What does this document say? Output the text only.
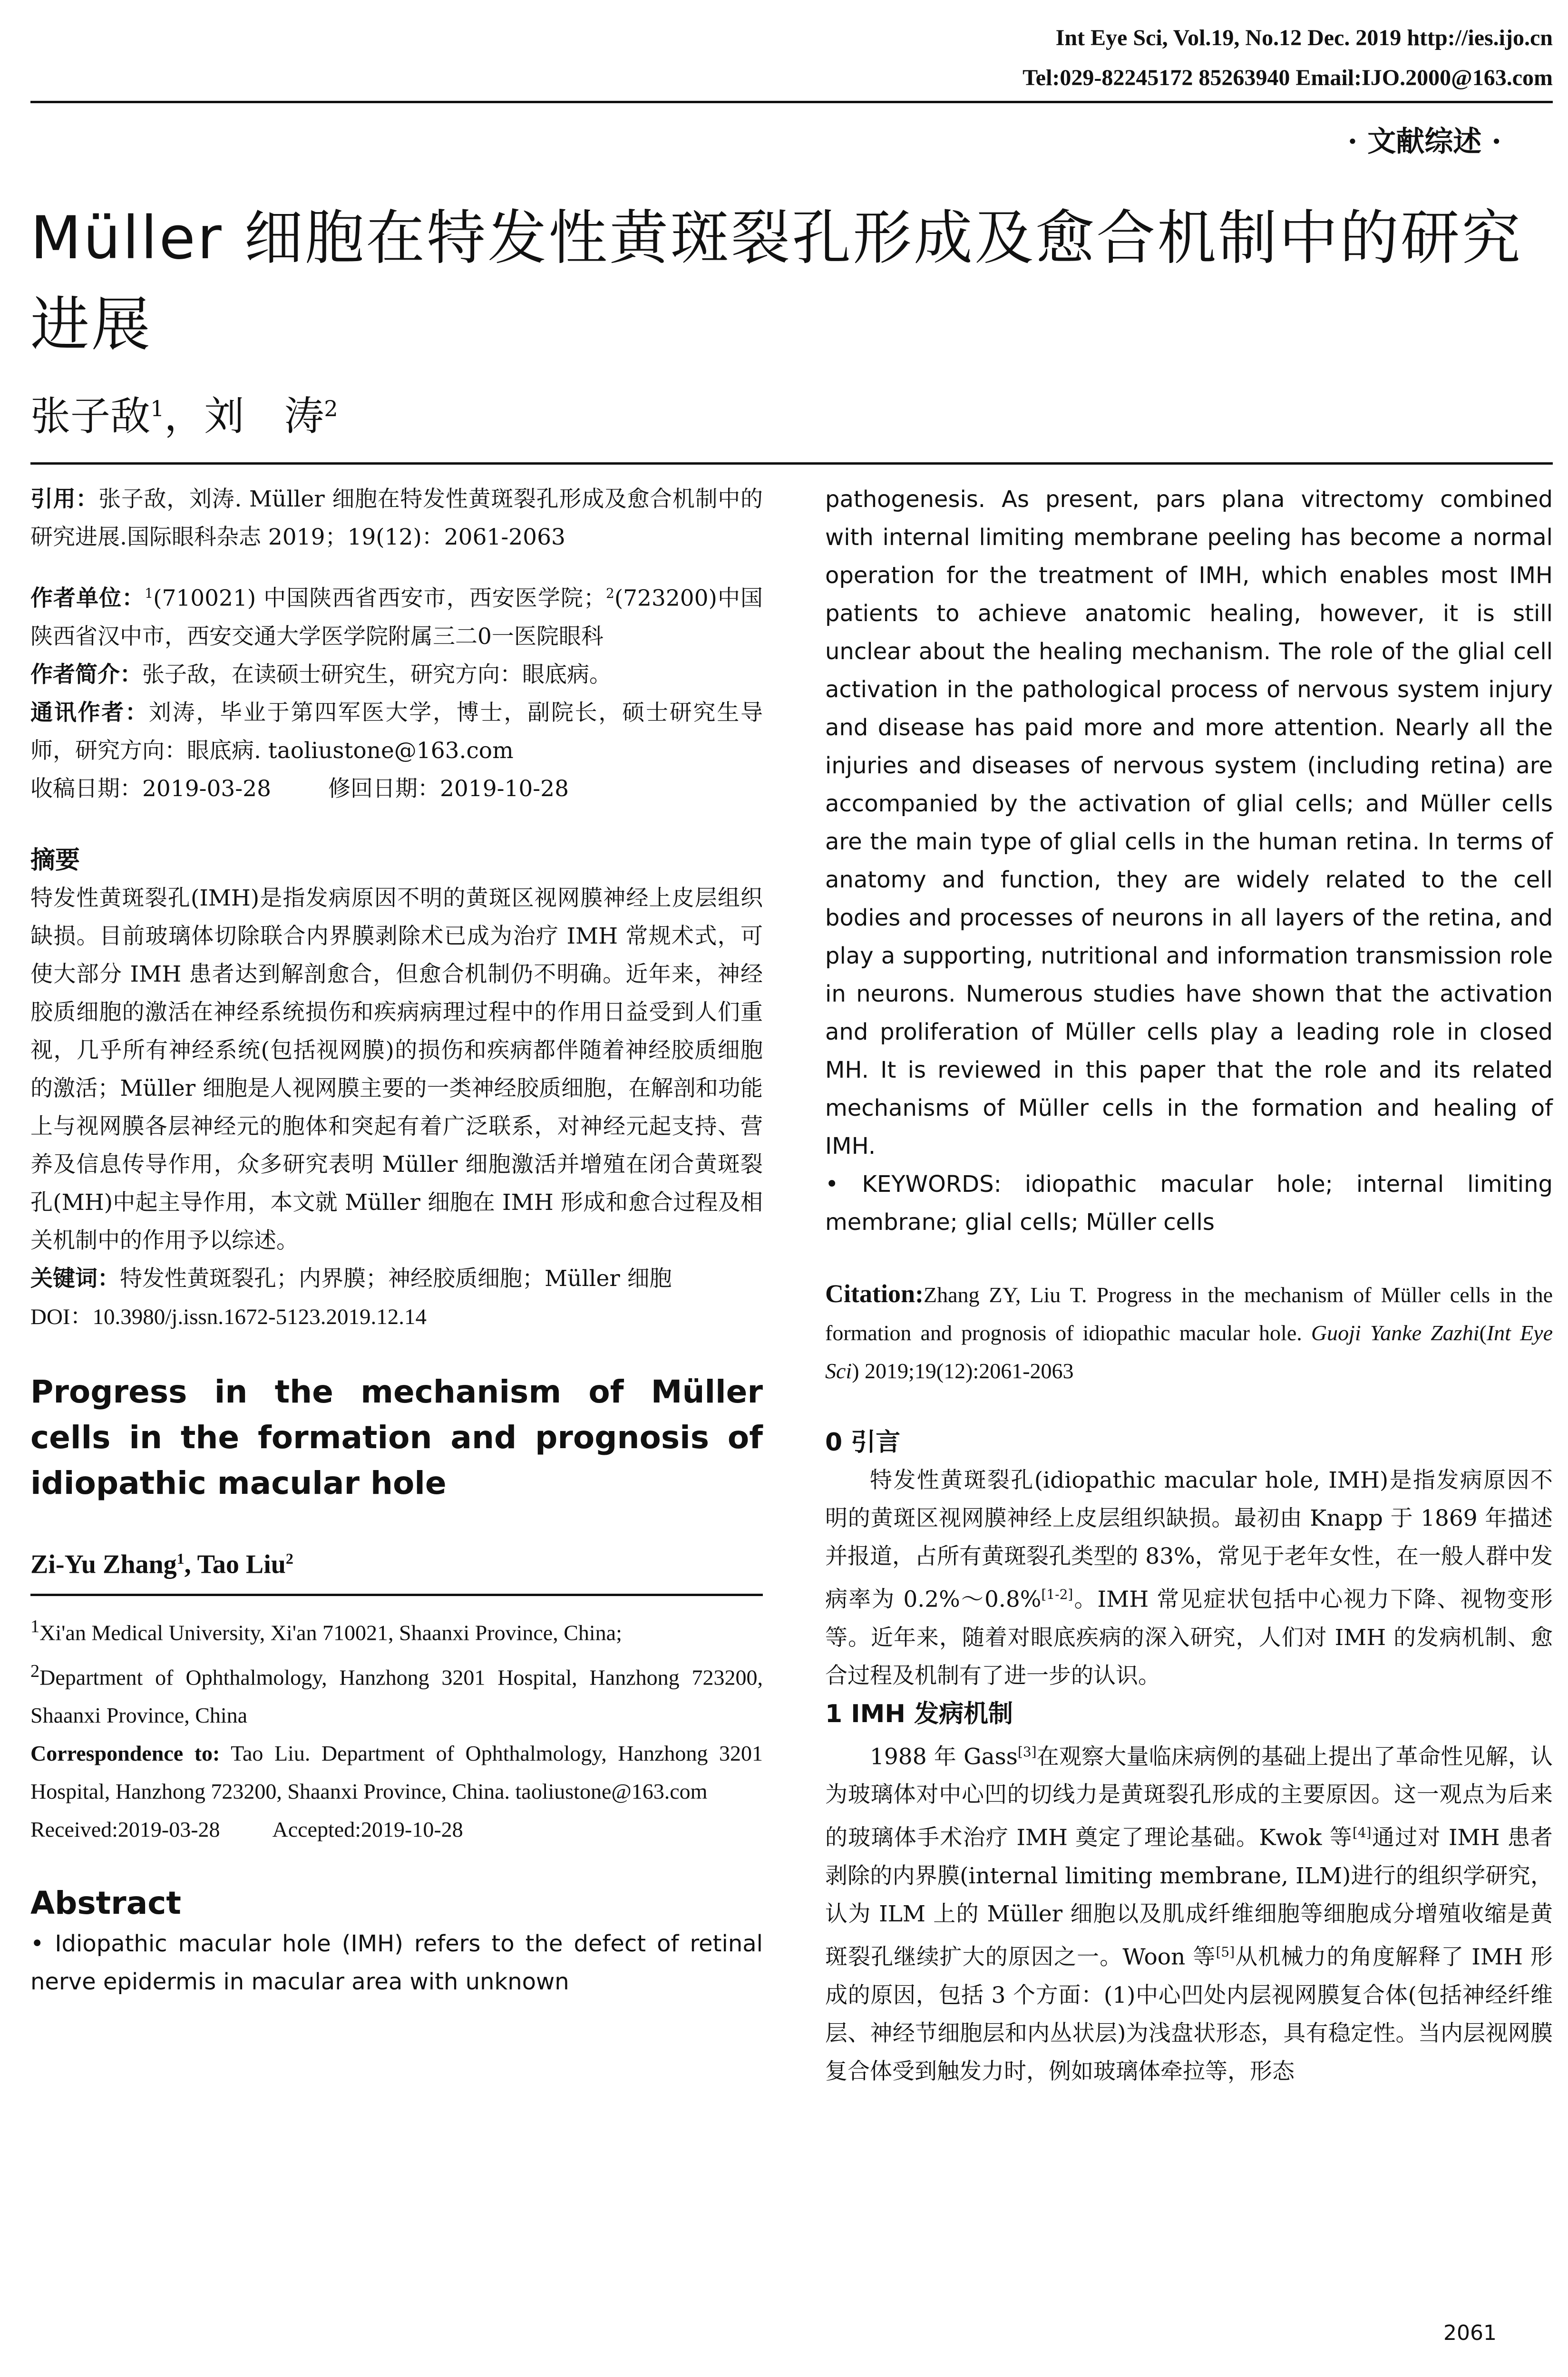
Int Eye Sci, Vol.19, No.12 Dec. 2019 http://ies.ijo.cn
Tel:029-82245172 85263940 Email:IJO.2000@163.com
· 文献综述 ·
Müller 细胞在特发性黄斑裂孔形成及愈合机制中的研究进展
张子敌$^1$，刘　涛$^2$

引用：张子敌，刘涛. Müller 细胞在特发性黄斑裂孔形成及愈合机制中的研究进展.国际眼科杂志 2019；19(12)：2061-2063

作者单位：$^1$(710021) 中国陕西省西安市，西安医学院；$^2$(723200)中国陕西省汉中市，西安交通大学医学院附属三二0一医院眼科

作者简介：张子敌，在读硕士研究生，研究方向：眼底病。

通讯作者：刘涛，毕业于第四军医大学，博士，副院长，硕士研究生导师，研究方向：眼底病. taoliustone@163.com

收稿日期：2019-03-28	修回日期：2019-10-28

摘要

特发性黄斑裂孔(IMH)是指发病原因不明的黄斑区视网膜神经上皮层组织缺损。目前玻璃体切除联合内界膜剥除术已成为治疗 IMH 常规术式，可使大部分 IMH 患者达到解剖愈合，但愈合机制仍不明确。近年来，神经胶质细胞的激活在神经系统损伤和疾病病理过程中的作用日益受到人们重视，几乎所有神经系统(包括视网膜)的损伤和疾病都伴随着神经胶质细胞的激活；Müller 细胞是人视网膜主要的一类神经胶质细胞，在解剖和功能上与视网膜各层神经元的胞体和突起有着广泛联系，对神经元起支持、营养及信息传导作用，众多研究表明 Müller 细胞激活并增殖在闭合黄斑裂孔(MH)中起主导作用，本文就 Müller 细胞在 IMH 形成和愈合过程及相关机制中的作用予以综述。

关键词：特发性黄斑裂孔；内界膜；神经胶质细胞；Müller 细胞

DOI：10.3980/j.issn.1672-5123.2019.12.14

Progress in the mechanism of Müller cells in the formation and prognosis of idiopathic macular hole

Zi-Yu Zhang$^1$, Tao Liu$^2$

$^1$Xi'an Medical University, Xi'an 710021, Shaanxi Province, China;

$^2$Department of Ophthalmology, Hanzhong 3201 Hospital, Hanzhong 723200, Shaanxi Province, China

Correspondence to: Tao Liu. Department of Ophthalmology, Hanzhong 3201 Hospital, Hanzhong 723200, Shaanxi Province, China. taoliustone@163.com

Received:2019-03-28 Accepted:2019-10-28

Abstract

• Idiopathic macular hole (IMH) refers to the defect of retinal nerve epidermis in macular area with unknown

pathogenesis. As present, pars plana vitrectomy combined with internal limiting membrane peeling has become a normal operation for the treatment of IMH, which enables most IMH patients to achieve anatomic healing, however, it is still unclear about the healing mechanism. The role of the glial cell activation in the pathological process of nervous system injury and disease has paid more and more attention. Nearly all the injuries and diseases of nervous system (including retina) are accompanied by the activation of glial cells; and Müller cells are the main type of glial cells in the human retina. In terms of anatomy and function, they are widely related to the cell bodies and processes of neurons in all layers of the retina, and play a supporting, nutritional and information transmission role in neurons. Numerous studies have shown that the activation and proliferation of Müller cells play a leading role in closed MH. It is reviewed in this paper that the role and its related mechanisms of Müller cells in the formation and healing of IMH.

• KEYWORDS: idiopathic macular hole; internal limiting membrane; glial cells; Müller cells

Citation:Zhang ZY, Liu T. Progress in the mechanism of Müller cells in the formation and prognosis of idiopathic macular hole. Guoji Yanke Zazhi(Int Eye Sci) 2019;19(12):2061-2063

0 引言

特发性黄斑裂孔(idiopathic macular hole, IMH)是指发病原因不明的黄斑区视网膜神经上皮层组织缺损。最初由 Knapp 于 1869 年描述并报道，占所有黄斑裂孔类型的 83%，常见于老年女性，在一般人群中发病率为 0.2%～0.8%[1-2]。IMH 常见症状包括中心视力下降、视物变形等。近年来，随着对眼底疾病的深入研究，人们对 IMH 的发病机制、愈合过程及机制有了进一步的认识。

1 IMH 发病机制

1988 年 Gass[3]在观察大量临床病例的基础上提出了革命性见解，认为玻璃体对中心凹的切线力是黄斑裂孔形成的主要原因。这一观点为后来的玻璃体手术治疗 IMH 奠定了理论基础。Kwok 等[4]通过对 IMH 患者剥除的内界膜(internal limiting membrane, ILM)进行的组织学研究，认为 ILM 上的 Müller 细胞以及肌成纤维细胞等细胞成分增殖收缩是黄斑裂孔继续扩大的原因之一。Woon 等[5]从机械力的角度解释了 IMH 形成的原因，包括 3 个方面：(1)中心凹处内层视网膜复合体(包括神经纤维层、神经节细胞层和内丛状层)为浅盘状形态，具有稳定性。当内层视网膜复合体受到触发力时，例如玻璃体牵拉等，形态

2061
